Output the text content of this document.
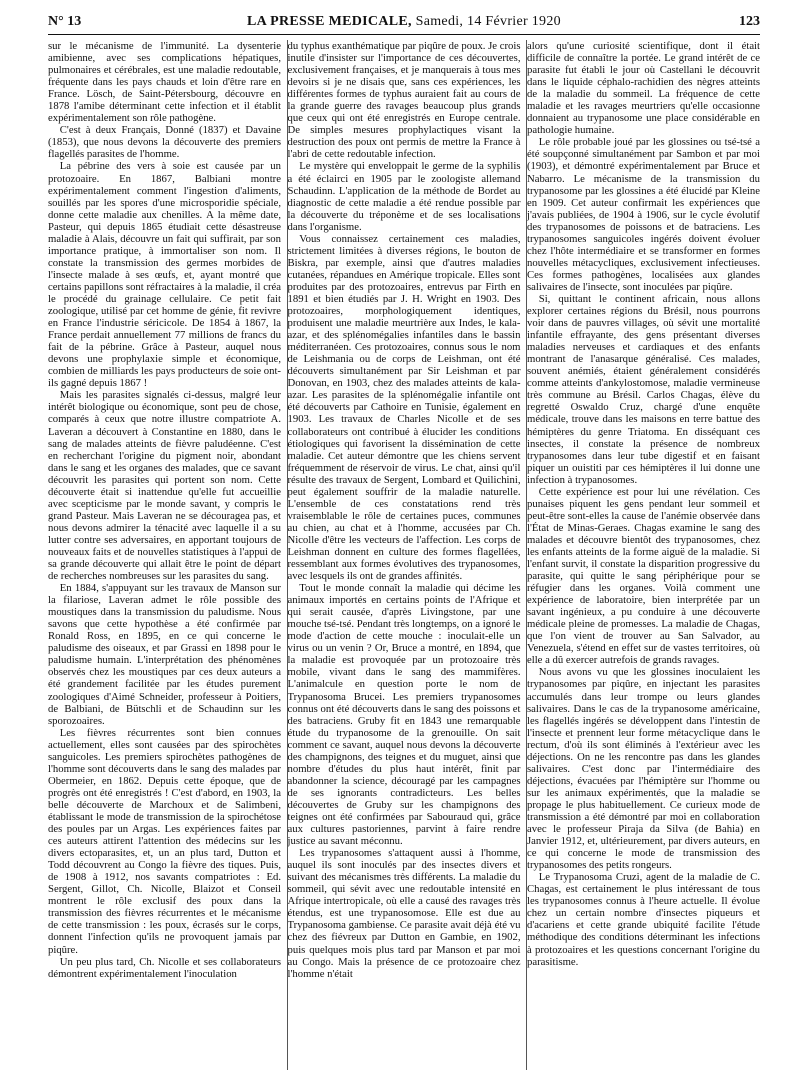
N° 13	LA PRESSE MEDICALE, Samedi, 14 Février 1920	123

sur le mécanisme de l'immunité. La dysenterie amibienne, avec ses complications hépatiques, pulmonaires et cérébrales, est une maladie redoutable, fréquente dans les pays chauds et loin d'être rare en France. Lösch, de Saint-Pétersbourg, découvre en 1878 l'amibe déterminant cette infection et il établit expérimentalement son rôle pathogène.

C'est à deux Français, Donné (1837) et Davaine (1853), que nous devons la découverte des premiers flagellés parasites de l'homme.

La pébrine des vers à soie est causée par un protozoaire. En 1867, Balbiani montre expérimentalement comment l'ingestion d'aliments, souillés par les spores d'une microsporidie spéciale, donne cette maladie aux chenilles. A la même date, Pasteur, qui depuis 1865 étudiait cette désastreuse maladie à Alais, découvre un fait qui suffirait, par son importance pratique, à immortaliser son nom. Il constate la transmission des germes morbides de l'insecte malade à ses œufs, et, ayant montré que certains papillons sont réfractaires à la maladie, il créa le procédé du grainage cellulaire. Ce petit fait zoologique, utilisé par cet homme de génie, fit revivre en France l'industrie séricicole. De 1854 à 1867, la France perdait annuellement 77 millions de francs du fait de la pébrine. Grâce à Pasteur, auquel nous devons une prophylaxie simple et économique, combien de milliards les pays producteurs de soie ont-ils gagné depuis 1867 !

Mais les parasites signalés ci-dessus, malgré leur intérêt biologique ou économique, sont peu de chose, comparés à ceux que notre illustre compatriote A. Laveran a découvert à Constantine en 1880, dans le sang de malades atteints de fièvre paludéenne. C'est en recherchant l'origine du pigment noir, abondant dans le sang et les organes des malades, que ce savant découvrit les parasites qui portent son nom. Cette découverte était si inattendue qu'elle fut accueillie avec scepticisme par le monde savant, y compris le grand Pasteur. Mais Laveran ne se découragea pas, et nous devons admirer la ténacité avec laquelle il a su lutter contre ses adversaires, en apportant toujours de nouveaux faits et de nouvelles statistiques à l'appui de sa grande découverte qui allait être le point de départ de recherches nombreuses sur les parasites du sang.

En 1884, s'appuyant sur les travaux de Manson sur la filariose, Laveran admet le rôle possible des moustiques dans la transmission du paludisme. Nous savons que cette hypothèse a été confirmée par Ronald Ross, en 1895, en ce qui concerne le paludisme des oiseaux, et par Grassi en 1898 pour le paludisme humain. L'interprétation des phénomènes observés chez les moustiques par ces deux auteurs a été grandement facilitée par les études purement zoologiques d'Aimé Schneider, professeur à Poitiers, de Balbiani, de Bütschli et de Schaudinn sur les sporozoaires.

Les fièvres récurrentes sont bien connues actuellement, elles sont causées par des spirochètes sanguicoles. Les premiers spirochètes pathogènes de l'homme sont découverts dans le sang des malades par Obermeier, en 1862. Depuis cette époque, que de progrès ont été enregistrés ! C'est d'abord, en 1903, la belle découverte de Marchoux et de Salimbeni, établissant le mode de transmission de la spirochétose des poules par un Argas. Les expériences faites par ces auteurs attirent l'attention des médecins sur les divers ectoparasites, et, un an plus tard, Dutton et Todd découvrent au Congo la fièvre des tiques. Puis, de 1908 à 1912, nos savants compatriotes : Ed. Sergent, Gillot, Ch. Nicolle, Blaizot et Conseil montrent le rôle exclusif des poux dans la transmission des fièvres récurrentes et le mécanisme de cette transmission : les poux, écrasés sur le corps, donnent l'infection qu'ils ne provoquent jamais par piqûre.

Un peu plus tard, Ch. Nicolle et ses collaborateurs démontrent expérimentalement l'inoculation

du typhus exanthématique par piqûre de poux. Je crois inutile d'insister sur l'importance de ces découvertes, exclusivement françaises, et je manquerais à tous mes devoirs si je ne disais que, sans ces expériences, les différentes formes de typhus auraient fait au cours de la grande guerre des ravages beaucoup plus grands que ceux qui ont été enregistrés en Europe centrale. De simples mesures prophylactiques visant la destruction des poux ont permis de mettre la France à l'abri de cette redoutable infection.

Le mystère qui enveloppait le germe de la syphilis a été éclairci en 1905 par le zoologiste allemand Schaudinn. L'application de la méthode de Bordet au diagnostic de cette maladie a été rendue possible par la découverte du tréponème et de ses localisations dans l'organisme.

Vous connaissez certainement ces maladies, strictement limitées à diverses régions, le bouton de Biskra, par exemple, ainsi que d'autres maladies cutanées, répandues en Amérique tropicale. Elles sont produites par des protozoaires, entrevus par Firth en 1891 et bien étudiés par J. H. Wright en 1903. Des protozoaires, morphologiquement identiques, produisent une maladie meurtrière aux Indes, le kala-azar, et des splénomégalies infantiles dans le bassin méditerranéen. Ces protozoaires, connus sous le nom de Leishmania ou de corps de Leishman, ont été découverts simultanément par Sir Leishman et par Donovan, en 1903, chez des malades atteints de kala-azar. Les parasites de la splénomégalie infantile ont été découverts par Cathoire en Tunisie, également en 1903. Les travaux de Charles Nicolle et de ses collaborateurs ont contribué à élucider les conditions étiologiques qui favorisent la dissémination de cette maladie. Cet auteur démontre que les chiens servent fréquemment de réservoir de virus. Le chat, ainsi qu'il résulte des travaux de Sergent, Lombard et Quilichini, peut également souffrir de la maladie naturelle. L'ensemble de ces constatations rend très vraisemblable le rôle de certaines puces, communes au chien, au chat et à l'homme, accusées par Ch. Nicolle d'être les vecteurs de l'affection. Les corps de Leishman donnent en culture des formes flagellées, ressemblant aux formes évolutives des trypanosomes, avec lesquels ils ont de grandes affinités.

Tout le monde connaît la maladie qui décime les animaux importés en certains points de l'Afrique et qui serait causée, d'après Livingstone, par une mouche tsé-tsé. Pendant très longtemps, on a ignoré le mode d'action de cette mouche : inoculait-elle un virus ou un venin ? Or, Bruce a montré, en 1894, que la maladie est provoquée par un protozoaire très mobile, vivant dans le sang des mammifères. L'animalcule en question porte le nom de Trypanosoma Brucei. Les premiers trypanosomes connus ont été découverts dans le sang des poissons et des batraciens. Gruby fit en 1843 une remarquable étude du trypanosome de la grenouille. On sait comment ce savant, auquel nous devons la découverte des champignons, des teignes et du muguet, ainsi que nombre d'études du plus haut intérêt, finit par abandonner la science, découragé par les campagnes de ses ignorants contradicteurs. Les belles découvertes de Gruby sur les champignons des teignes ont été confirmées par Sabouraud qui, grâce aux cultures pastoriennes, parvint à faire rendre justice au savant méconnu.

Les trypanosomes s'attaquent aussi à l'homme, auquel ils sont inoculés par des insectes divers et suivant des mécanismes très différents. La maladie du sommeil, qui sévit avec une redoutable intensité en Afrique intertropicale, où elle a causé des ravages très étendus, est une trypanosomose. Elle est due au Trypanosoma gambiense. Ce parasite avait déjà été vu chez des fiévreux par Dutton en Gambie, en 1902, puis quelques mois plus tard par Manson et par moi au Congo. Mais la présence de ce protozoaire chez l'homme n'était

alors qu'une curiosité scientifique, dont il était difficile de connaître la portée. Le grand intérêt de ce parasite fut établi le jour où Castellani le découvrit dans le liquide céphalo-rachidien des nègres atteints de la maladie du sommeil. La fréquence de cette maladie et les ravages meurtriers qu'elle occasionne donnaient au trypanosome une place considérable en pathologie humaine.

Le rôle probable joué par les glossines ou tsé-tsé a été soupçonné simultanément par Sambon et par moi (1903), et démontré expérimentalement par Bruce et Nabarro. Le mécanisme de la transmission du trypanosome par les glossines a été élucidé par Kleine en 1909. Cet auteur confirmait les expériences que j'avais publiées, de 1904 à 1906, sur le cycle évolutif des trypanosomes de poissons et de batraciens. Les trypanosomes sanguicoles ingérés doivent évoluer chez l'hôte intermédiaire et se transformer en formes nouvelles métacycliques, exclusivement infectieuses. Ces formes pathogènes, localisées aux glandes salivaires de l'insecte, sont inoculées par piqûre.

Si, quittant le continent africain, nous allons explorer certaines régions du Brésil, nous pourrons voir dans de pauvres villages, où sévit une mortalité infantile effrayante, des gens présentant diverses maladies nerveuses et cardiaques et des enfants montrant de l'anasarque généralisé. Ces malades, souvent anémiés, étaient généralement considérés comme atteints d'ankylostomose, maladie vermineuse très commune au Brésil. Carlos Chagas, élève du regretté Oswaldo Cruz, chargé d'une enquête médicale, trouve dans les maisons en terre battue des hémiptères du genre Triatoma. En disséquant ces insectes, il constate la présence de nombreux trypanosomes dans leur tube digestif et en faisant piquer un ouistiti par ces hémiptères il lui donne une infection à trypanosomes.

Cette expérience est pour lui une révélation. Ces punaises piquent les gens pendant leur sommeil et peut-être sont-elles la cause de l'anémie observée dans l'État de Minas-Geraes. Chagas examine le sang des malades et découvre bientôt des trypanosomes, chez les enfants atteints de la forme aiguë de la maladie. Si l'enfant survit, il constate la disparition progressive du parasite, qui quitte le sang périphérique pour se réfugier dans les organes. Voilà comment une expérience de laboratoire, bien interprétée par un savant ingénieux, a pu conduire à une découverte médicale pleine de promesses. La maladie de Chagas, que l'on vient de trouver au San Salvador, au Venezuela, s'étend en effet sur de vastes territoires, où elle a dû exercer autrefois de grands ravages.

Nous avons vu que les glossines inoculaient les trypanosomes par piqûre, en injectant les parasites accumulés dans leur trompe ou leurs glandes salivaires. Dans le cas de la trypanosome américaine, les flagellés ingérés se développent dans l'intestin de l'insecte et prennent leur forme métacyclique dans le rectum, d'où ils sont éliminés à l'extérieur avec les déjections. On ne les rencontre pas dans les glandes salivaires. C'est donc par l'intermédiaire des déjections, évacuées par l'hémiptère sur l'homme ou sur les animaux expérimentés, que la maladie se propage le plus habituellement. Ce curieux mode de transmission a été démontré par moi en collaboration avec le professeur Piraja da Silva (de Bahia) en Janvier 1912, et, ultérieurement, par divers auteurs, en ce qui concerne le mode de transmission des trypanosomes des petits rongeurs.

Le Trypanosoma Cruzi, agent de la maladie de C. Chagas, est certainement le plus intéressant de tous les trypanosomes connus à l'heure actuelle. Il évolue chez un certain nombre d'insectes piqueurs et d'acariens et cette grande ubiquité facilite l'étude méthodique des conditions déterminant les infections à protozoaires et les questions concernant l'origine du parasitisme.
